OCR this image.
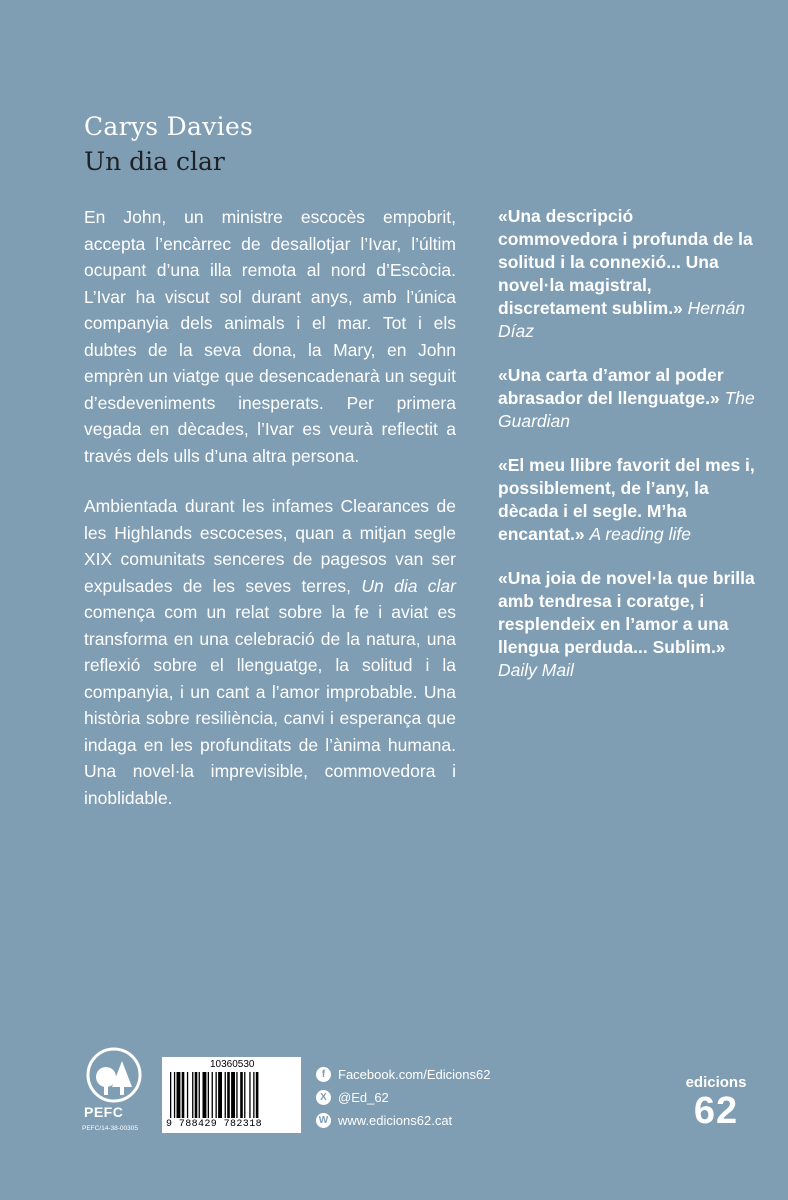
Carys Davies
Un dia clar

En John, un ministre escocès empobrit, accepta l’encàrrec de desallotjar l’Ivar, l’últim ocupant d’una illa remota al nord d’Escòcia. L’Ivar ha viscut sol durant anys, amb l’única companyia dels animals i el mar. Tot i els dubtes de la seva dona, la Mary, en John emprèn un viatge que desencadenarà un seguit d’esdeveniments inesperats. Per primera vegada en dècades, l’Ivar es veurà reflectit a través dels ulls d’una altra persona.

Ambientada durant les infames Clearances de les Highlands escoceses, quan a mitjan segle XIX comunitats senceres de pagesos van ser expulsades de les seves terres, Un dia clar comença com un relat sobre la fe i aviat es transforma en una celebració de la natura, una reflexió sobre el llenguatge, la solitud i la companyia, i un cant a l’amor improbable. Una història sobre resiliència, canvi i esperança que indaga en les profunditats de l’ànima humana. Una novel·la imprevisible, commovedora i inoblidable.

«Una descripció commovedora i profunda de la solitud i la connexió... Una novel·la magistral, discretament sublim.» Hernán Díaz
«Una carta d’amor al poder abrasador del llenguatge.» The Guardian
«El meu llibre favorit del mes i, possiblement, de l’any, la dècada i el segle. M’ha encantat.» A reading life
«Una joia de novel·la que brilla amb tendresa i coratge, i resplendeix en l’amor a una llengua perduda... Sublim.» Daily Mail
PEFC
PEFC/14-38-00305
10360530
9 788429 782318
f Facebook.com/Edicions62
X @Ed_62
W www.edicions62.cat
edicions
62
